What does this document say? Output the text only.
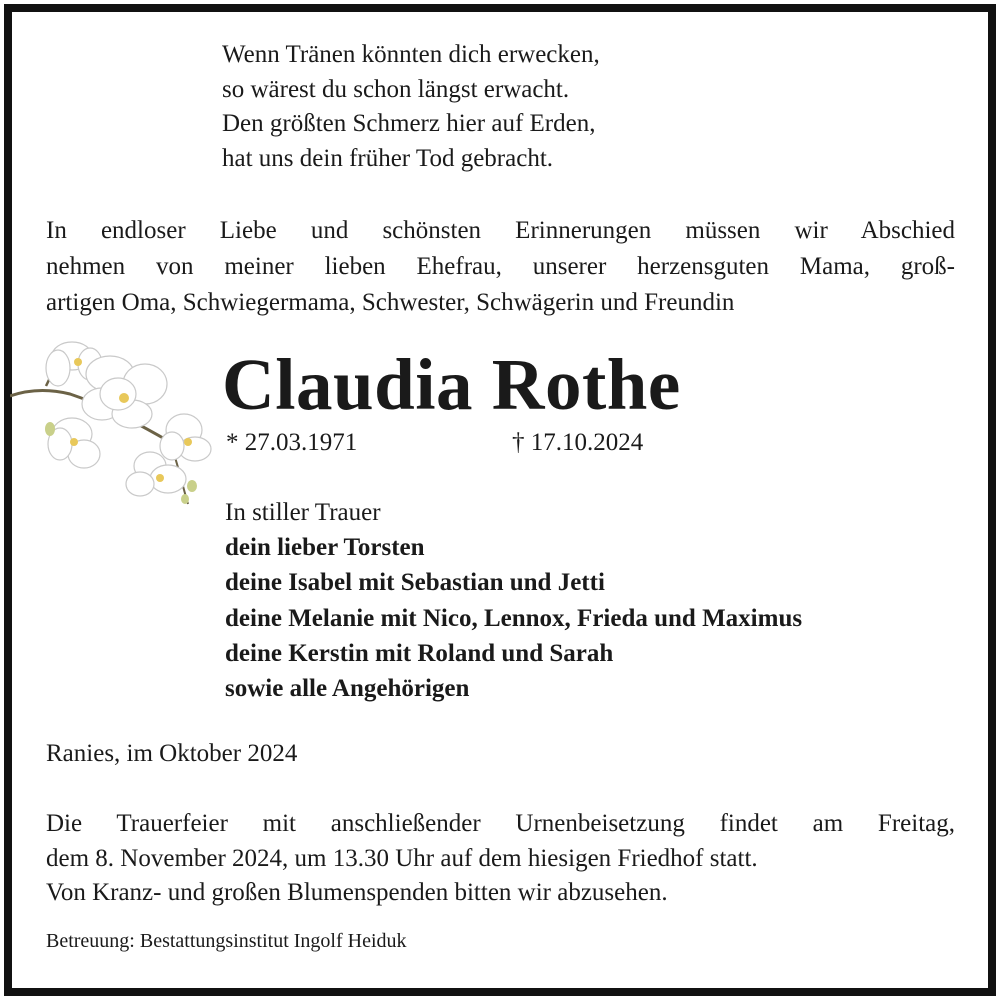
Wenn Tränen könnten dich erwecken,
so wärest du schon längst erwacht.
Den größten Schmerz hier auf Erden,
hat uns dein früher Tod gebracht.
In endloser Liebe und schönsten Erinnerungen müssen wir Abschied
nehmen von meiner lieben Ehefrau, unserer herzensguten Mama, groß-
artigen Oma, Schwiegermama, Schwester, Schwägerin und Freundin
Claudia Rothe
* 27.03.1971	† 17.10.2024
In stiller Trauer
dein lieber Torsten
deine Isabel mit Sebastian und Jetti
deine Melanie mit Nico, Lennox, Frieda und Maximus
deine Kerstin mit Roland und Sarah
sowie alle Angehörigen
Ranies, im Oktober 2024
Die Trauerfeier mit anschließender Urnenbeisetzung findet am Freitag,
dem 8. November 2024, um 13.30 Uhr auf dem hiesigen Friedhof statt.
Von Kranz- und großen Blumenspenden bitten wir abzusehen.
Betreuung: Bestattungsinstitut Ingolf Heiduk
